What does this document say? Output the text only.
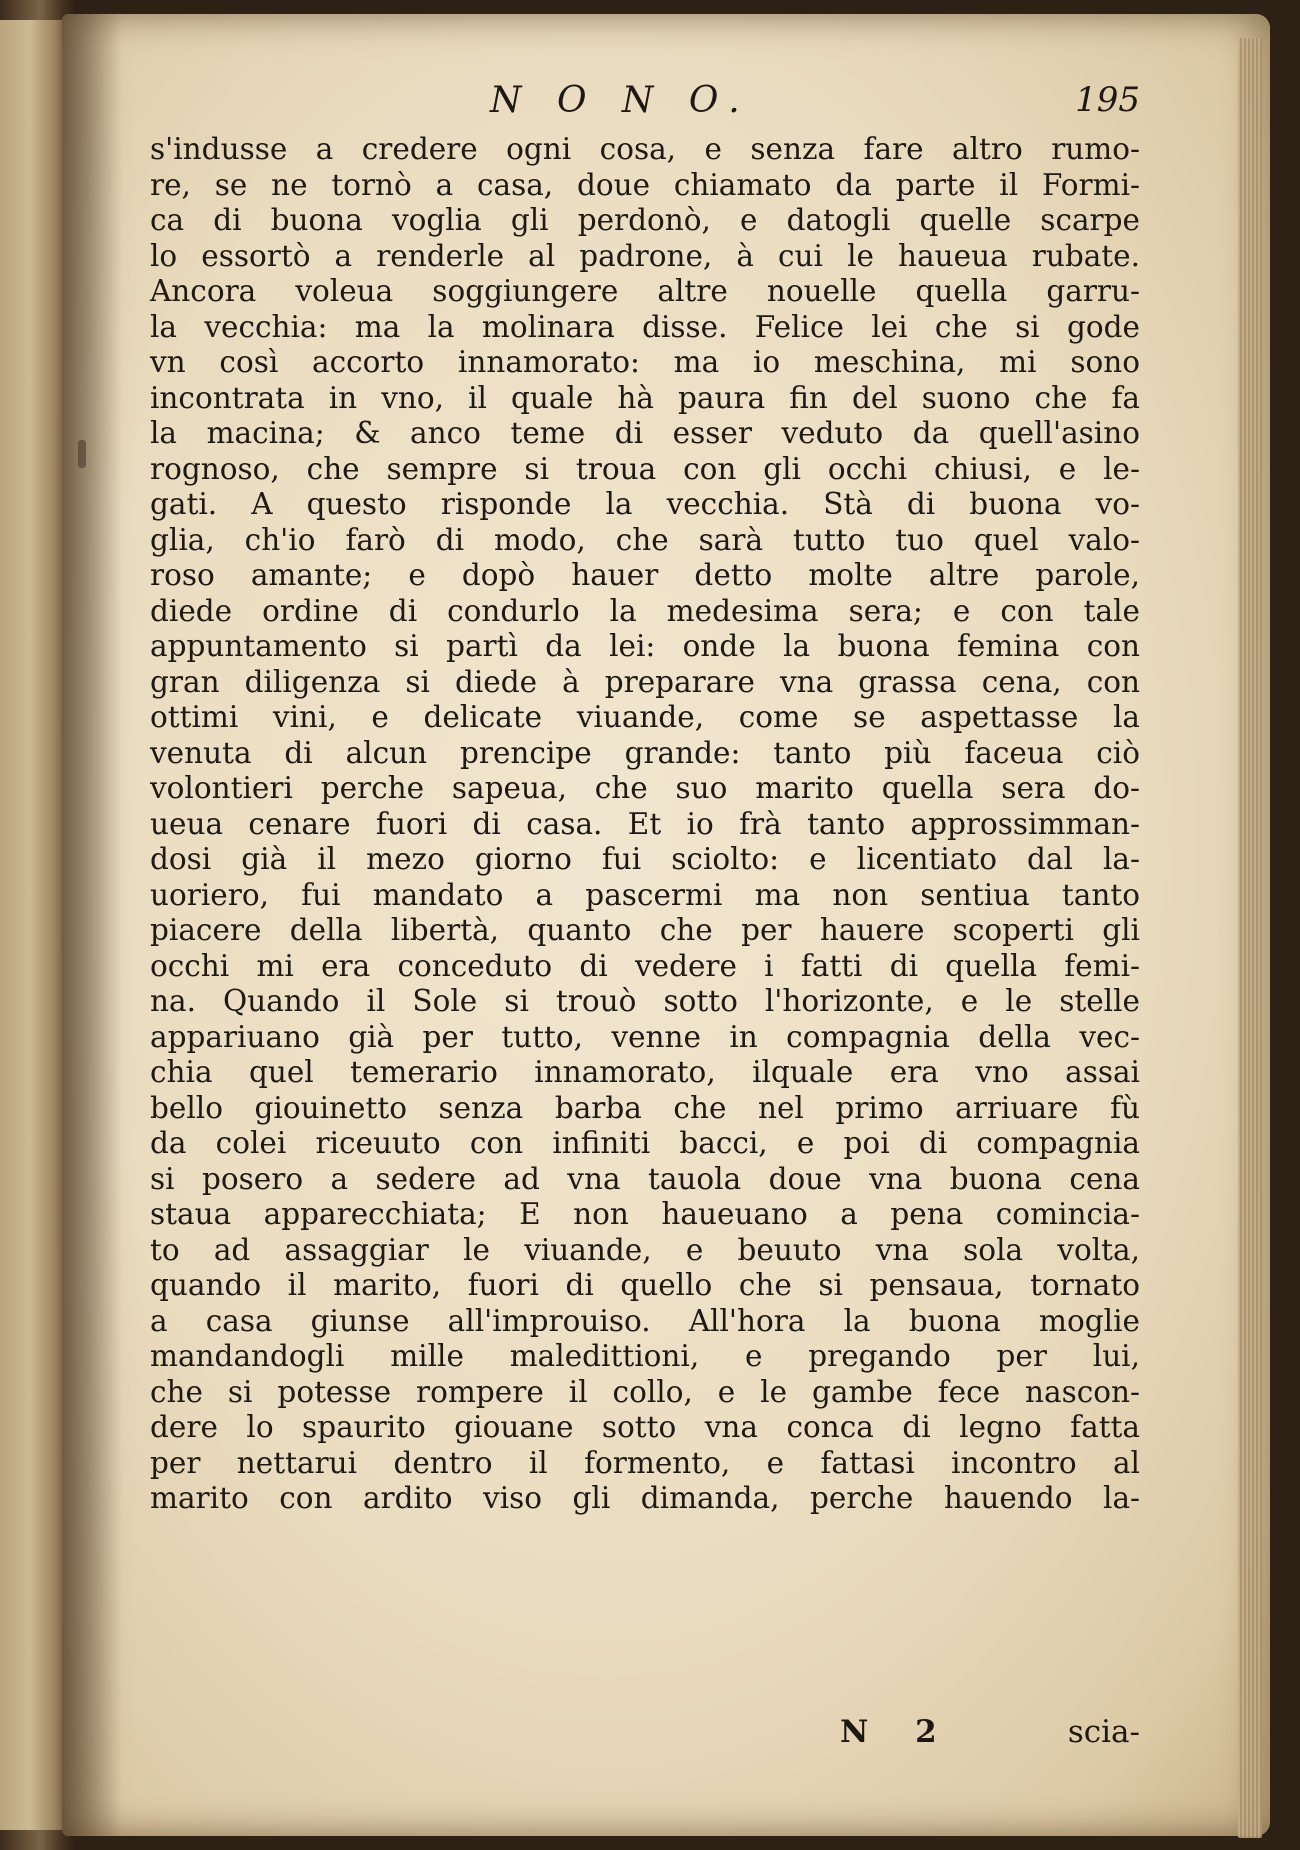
N O N O.	195
s'indusse a credere ogni cosa, e senza fare altro rumo-
re, se ne tornò a casa, doue chiamato da parte il Formi-
ca di buona voglia gli perdonò, e datogli quelle scarpe
lo essortò a renderle al padrone, à cui le haueua rubate.
Ancora voleua soggiungere altre nouelle quella garru-
la vecchia: ma la molinara disse. Felice lei che si gode
vn così accorto innamorato: ma io meschina, mi sono
incontrata in vno, il quale hà paura fin del suono che fa
la macina; & anco teme di esser veduto da quell'asino
rognoso, che sempre si troua con gli occhi chiusi, e le-
gati. A questo risponde la vecchia. Stà di buona vo-
glia, ch'io farò di modo, che sarà tutto tuo quel valo-
roso amante; e dopò hauer detto molte altre parole,
diede ordine di condurlo la medesima sera; e con tale
appuntamento si partì da lei: onde la buona femina con
gran diligenza si diede à preparare vna grassa cena, con
ottimi vini, e delicate viuande, come se aspettasse la
venuta di alcun prencipe grande: tanto più faceua ciò
volontieri perche sapeua, che suo marito quella sera do-
ueua cenare fuori di casa. Et io frà tanto approssimman-
dosi già il mezo giorno fui sciolto: e licentiato dal la-
uoriero, fui mandato a pascermi ma non sentiua tanto
piacere della libertà, quanto che per hauere scoperti gli
occhi mi era conceduto di vedere i fatti di quella femi-
na. Quando il Sole si trouò sotto l'horizonte, e le stelle
appariuano già per tutto, venne in compagnia della vec-
chia quel temerario innamorato, ilquale era vno assai
bello giouinetto senza barba che nel primo arriuare fù
da colei riceuuto con infiniti bacci, e poi di compagnia
si posero a sedere ad vna tauola doue vna buona cena
staua apparecchiata; E non haueuano a pena comincia-
to ad assaggiar le viuande, e beuuto vna sola volta,
quando il marito, fuori di quello che si pensaua, tornato
a casa giunse all'improuiso. All'hora la buona moglie
mandandogli mille maledittioni, e pregando per lui,
che si potesse rompere il collo, e le gambe fece nascon-
dere lo spaurito giouane sotto vna conca di legno fatta
per nettarui dentro il formento, e fattasi incontro al
marito con ardito viso gli dimanda, perche hauendo la-
N 2	scia-
